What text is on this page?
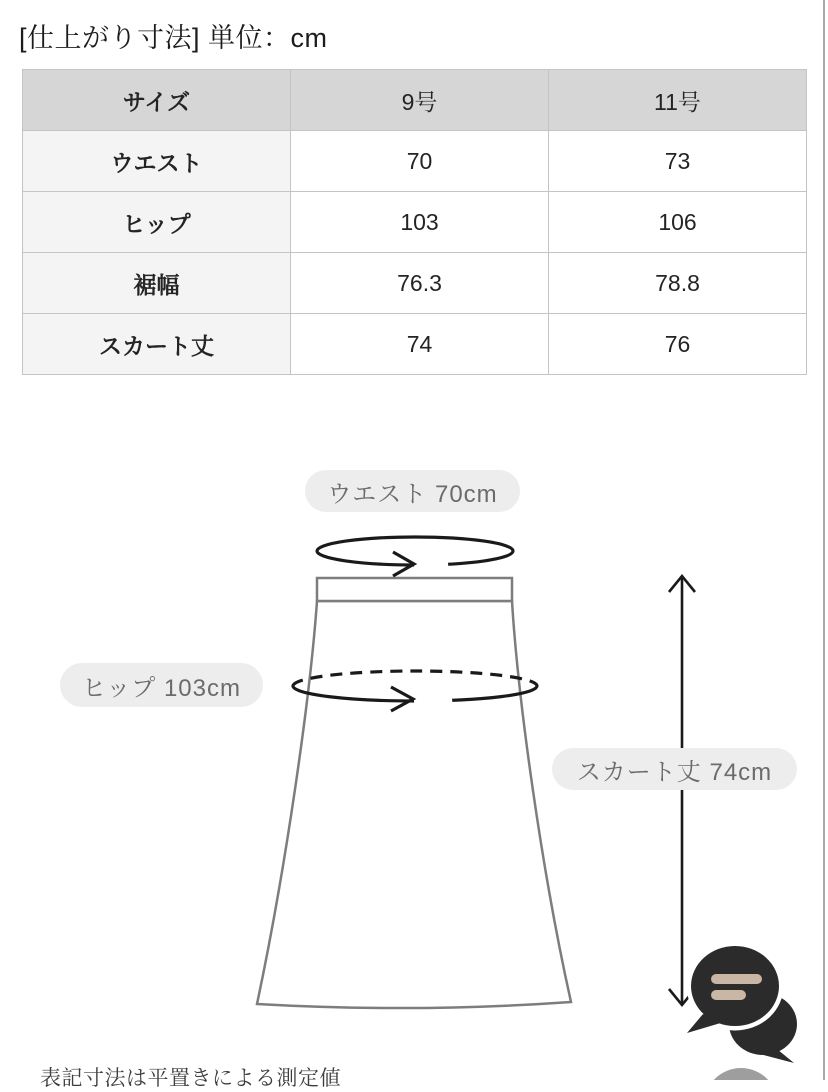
[仕上がり寸法] 単位：cm
サイズ	9号	11号
ウエスト	70	73
ヒップ	103	106
裾幅	76.3	78.8
スカート丈	74	76
ウエスト 70cm
ヒップ 103cm
スカート丈 74cm
表記寸法は平置きによる測定値
